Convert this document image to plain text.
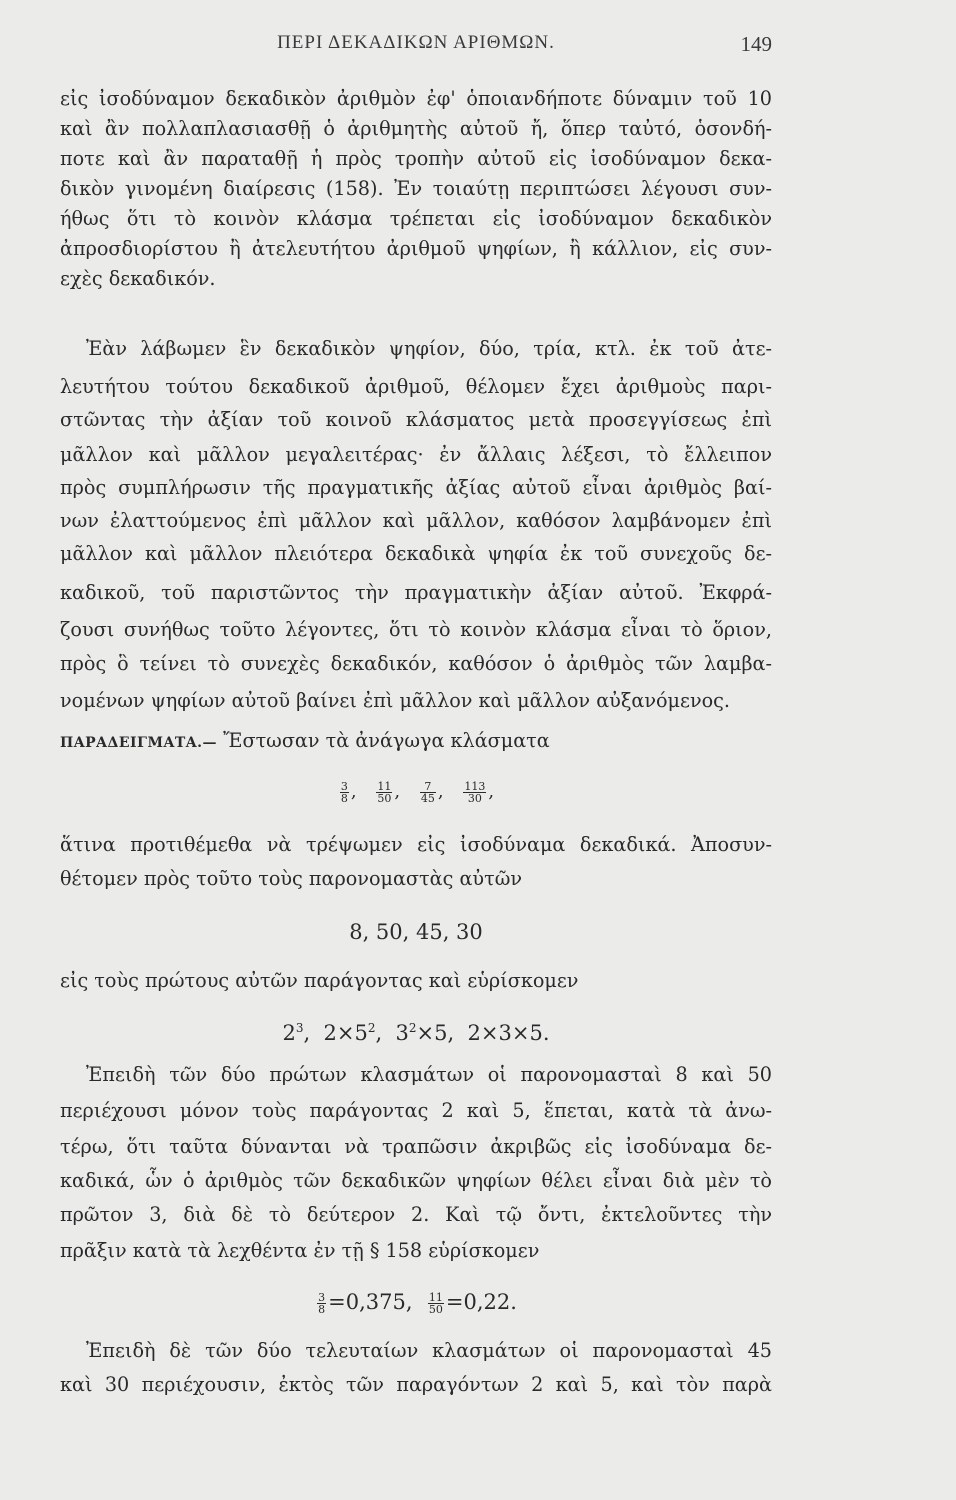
ΠΕΡΙ ΔΕΚΑΔΙΚΩΝ ΑΡΙΘΜΩΝ.	149
εἰς ἰσοδύναμον δεκαδικὸν ἀριθμὸν ἐφ' ὁποιανδήποτε δύναμιν τοῦ 10
καὶ ἂν πολλαπλασιασθῇ ὁ ἀριθμητὴς αὐτοῦ ἤ, ὅπερ ταὐτό, ὁσονδή-
ποτε καὶ ἂν παραταθῇ ἡ πρὸς τροπὴν αὐτοῦ εἰς ἰσοδύναμον δεκα-
δικὸν γινομένη διαίρεσις (158). Ἐν τοιαύτῃ περιπτώσει λέγουσι συν-
ήθως ὅτι τὸ κοινὸν κλάσμα τρέπεται εἰς ἰσοδύναμον δεκαδικὸν
ἀπροσδιορίστου ἢ ἀτελευτήτου ἀριθμοῦ ψηφίων, ἢ κάλλιον, εἰς συν-
εχὲς δεκαδικόν.
Ἐὰν λάβωμεν ἓν δεκαδικὸν ψηφίον, δύο, τρία, κτλ. ἐκ τοῦ ἀτε-
λευτήτου τούτου δεκαδικοῦ ἀριθμοῦ, θέλομεν ἔχει ἀριθμοὺς παρι-
στῶντας τὴν ἀξίαν τοῦ κοινοῦ κλάσματος μετὰ προσεγγίσεως ἐπὶ
μᾶλλον καὶ μᾶλλον μεγαλειτέρας· ἐν ἄλλαις λέξεσι, τὸ ἔλλειπον
πρὸς συμπλήρωσιν τῆς πραγματικῆς ἀξίας αὐτοῦ εἶναι ἀριθμὸς βαί-
νων ἐλαττούμενος ἐπὶ μᾶλλον καὶ μᾶλλον, καθόσον λαμβάνομεν ἐπὶ
μᾶλλον καὶ μᾶλλον πλειότερα δεκαδικὰ ψηφία ἐκ τοῦ συνεχοῦς δε-
καδικοῦ, τοῦ παριστῶντος τὴν πραγματικὴν ἀξίαν αὐτοῦ. Ἐκφρά-
ζουσι συνήθως τοῦτο λέγοντες, ὅτι τὸ κοινὸν κλάσμα εἶναι τὸ ὅριον,
πρὸς ὃ τείνει τὸ συνεχὲς δεκαδικόν, καθόσον ὁ ἀριθμὸς τῶν λαμβα-
νομένων ψηφίων αὐτοῦ βαίνει ἐπὶ μᾶλλον καὶ μᾶλλον αὐξανόμενος.
ΠΑΡΑΔΕΙΓΜΑΤΑ.— Ἔστωσαν τὰ ἀνάγωγα κλάσματα
$\frac{3}{8}$ , $\frac{11}{50}$ , $\frac{7}{45}$ , $\frac{113}{30}$ ,
ἅτινα προτιθέμεθα νὰ τρέψωμεν εἰς ἰσοδύναμα δεκαδικά. Ἀποσυν-
θέτομεν πρὸς τοῦτο τοὺς παρονομαστὰς αὐτῶν
8, 50, 45, 30
εἰς τοὺς πρώτους αὐτῶν παράγοντας καὶ εὑρίσκομεν
$2^3$,  $2\times 5^2$,  $3^2\times 5$, 2×3×5.
Ἐπειδὴ τῶν δύο πρώτων κλασμάτων οἱ παρονομασταὶ 8 καὶ 50
περιέχουσι μόνον τοὺς παράγοντας 2 καὶ 5, ἕπεται, κατὰ τὰ ἀνω-
τέρω, ὅτι ταῦτα δύνανται νὰ τραπῶσιν ἀκριβῶς εἰς ἰσοδύναμα δε-
καδικά, ὧν ὁ ἀριθμὸς τῶν δεκαδικῶν ψηφίων θέλει εἶναι διὰ μὲν τὸ
πρῶτον 3, διὰ δὲ τὸ δεύτερον 2. Καὶ τῷ ὄντι, ἐκτελοῦντες τὴν
πρᾶξιν κατὰ τὰ λεχθέντα ἐν τῇ § 158 εὑρίσκομεν
$\frac{3}{8} =0,375$, $\frac{11}{50} =0,22$.
Ἐπειδὴ δὲ τῶν δύο τελευταίων κλασμάτων οἱ παρονομασταὶ 45
καὶ 30 περιέχουσιν, ἐκτὸς τῶν παραγόντων 2 καὶ 5, καὶ τὸν παρὰ
